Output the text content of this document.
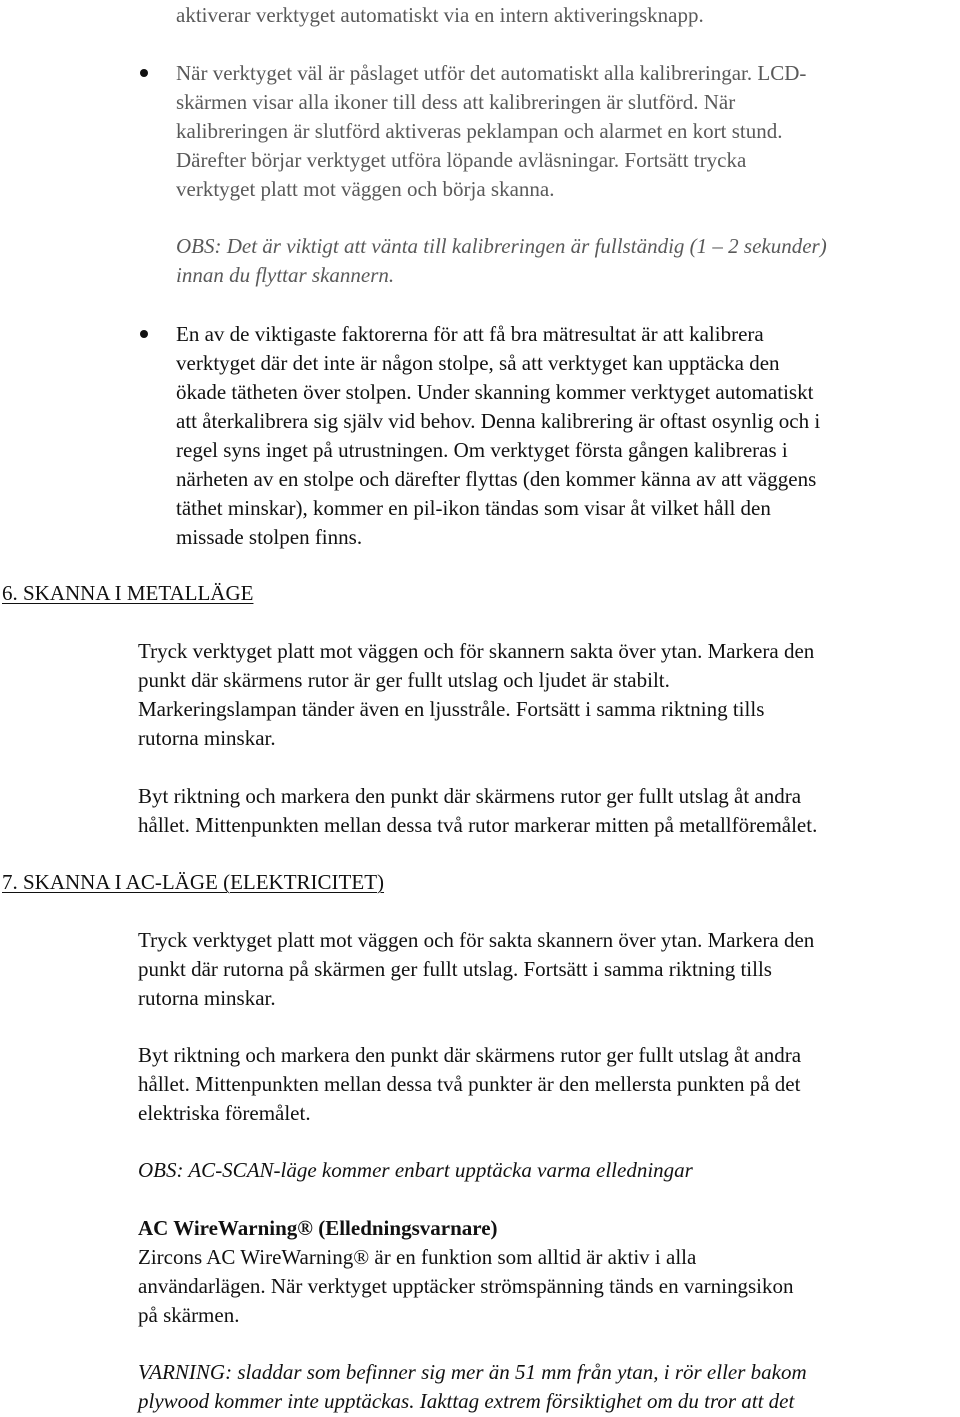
aktiverar verktyget automatiskt via en intern aktiveringsknapp.

När verktyget väl är påslaget utför det automatiskt alla kalibreringar. LCD-
skärmen visar alla ikoner till dess att kalibreringen är slutförd. När
kalibreringen är slutförd aktiveras peklampan och alarmet en kort stund.
Därefter börjar verktyget utföra löpande avläsningar. Fortsätt trycka
verktyget platt mot väggen och börja skanna.

OBS: Det är viktigt att vänta till kalibreringen är fullständig (1 – 2 sekunder)
innan du flyttar skannern.

En av de viktigaste faktorerna för att få bra mätresultat är att kalibrera
verktyget där det inte är någon stolpe, så att verktyget kan upptäcka den
ökade tätheten över stolpen. Under skanning kommer verktyget automatiskt
att återkalibrera sig själv vid behov. Denna kalibrering är oftast osynlig och i
regel syns inget på utrustningen. Om verktyget första gången kalibreras i
närheten av en stolpe och därefter flyttas (den kommer känna av att väggens
täthet minskar), kommer en pil-ikon tändas som visar åt vilket håll den
missade stolpen finns.

6. SKANNA I METALLÄGE

Tryck verktyget platt mot väggen och för skannern sakta över ytan. Markera den
punkt där skärmens rutor är ger fullt utslag och ljudet är stabilt.
Markeringslampan tänder även en ljusstråle. Fortsätt i samma riktning tills
rutorna minskar.

Byt riktning och markera den punkt där skärmens rutor ger fullt utslag åt andra
hållet. Mittenpunkten mellan dessa två rutor markerar mitten på metallföremålet.

7. SKANNA I AC-LÄGE (ELEKTRICITET)

Tryck verktyget platt mot väggen och för sakta skannern över ytan. Markera den
punkt där rutorna på skärmen ger fullt utslag. Fortsätt i samma riktning tills
rutorna minskar.

Byt riktning och markera den punkt där skärmens rutor ger fullt utslag åt andra
hållet. Mittenpunkten mellan dessa två punkter är den mellersta punkten på det
elektriska föremålet.

OBS: AC-SCAN-läge kommer enbart upptäcka varma elledningar

AC WireWarning® (Elledningsvarnare)
Zircons AC WireWarning® är en funktion som alltid är aktiv i alla
användarlägen. När verktyget upptäcker strömspänning tänds en varningsikon
på skärmen.

VARNING: sladdar som befinner sig mer än 51 mm från ytan, i rör eller bakom
plywood kommer inte upptäckas. Iakttag extrem försiktighet om du tror att det
